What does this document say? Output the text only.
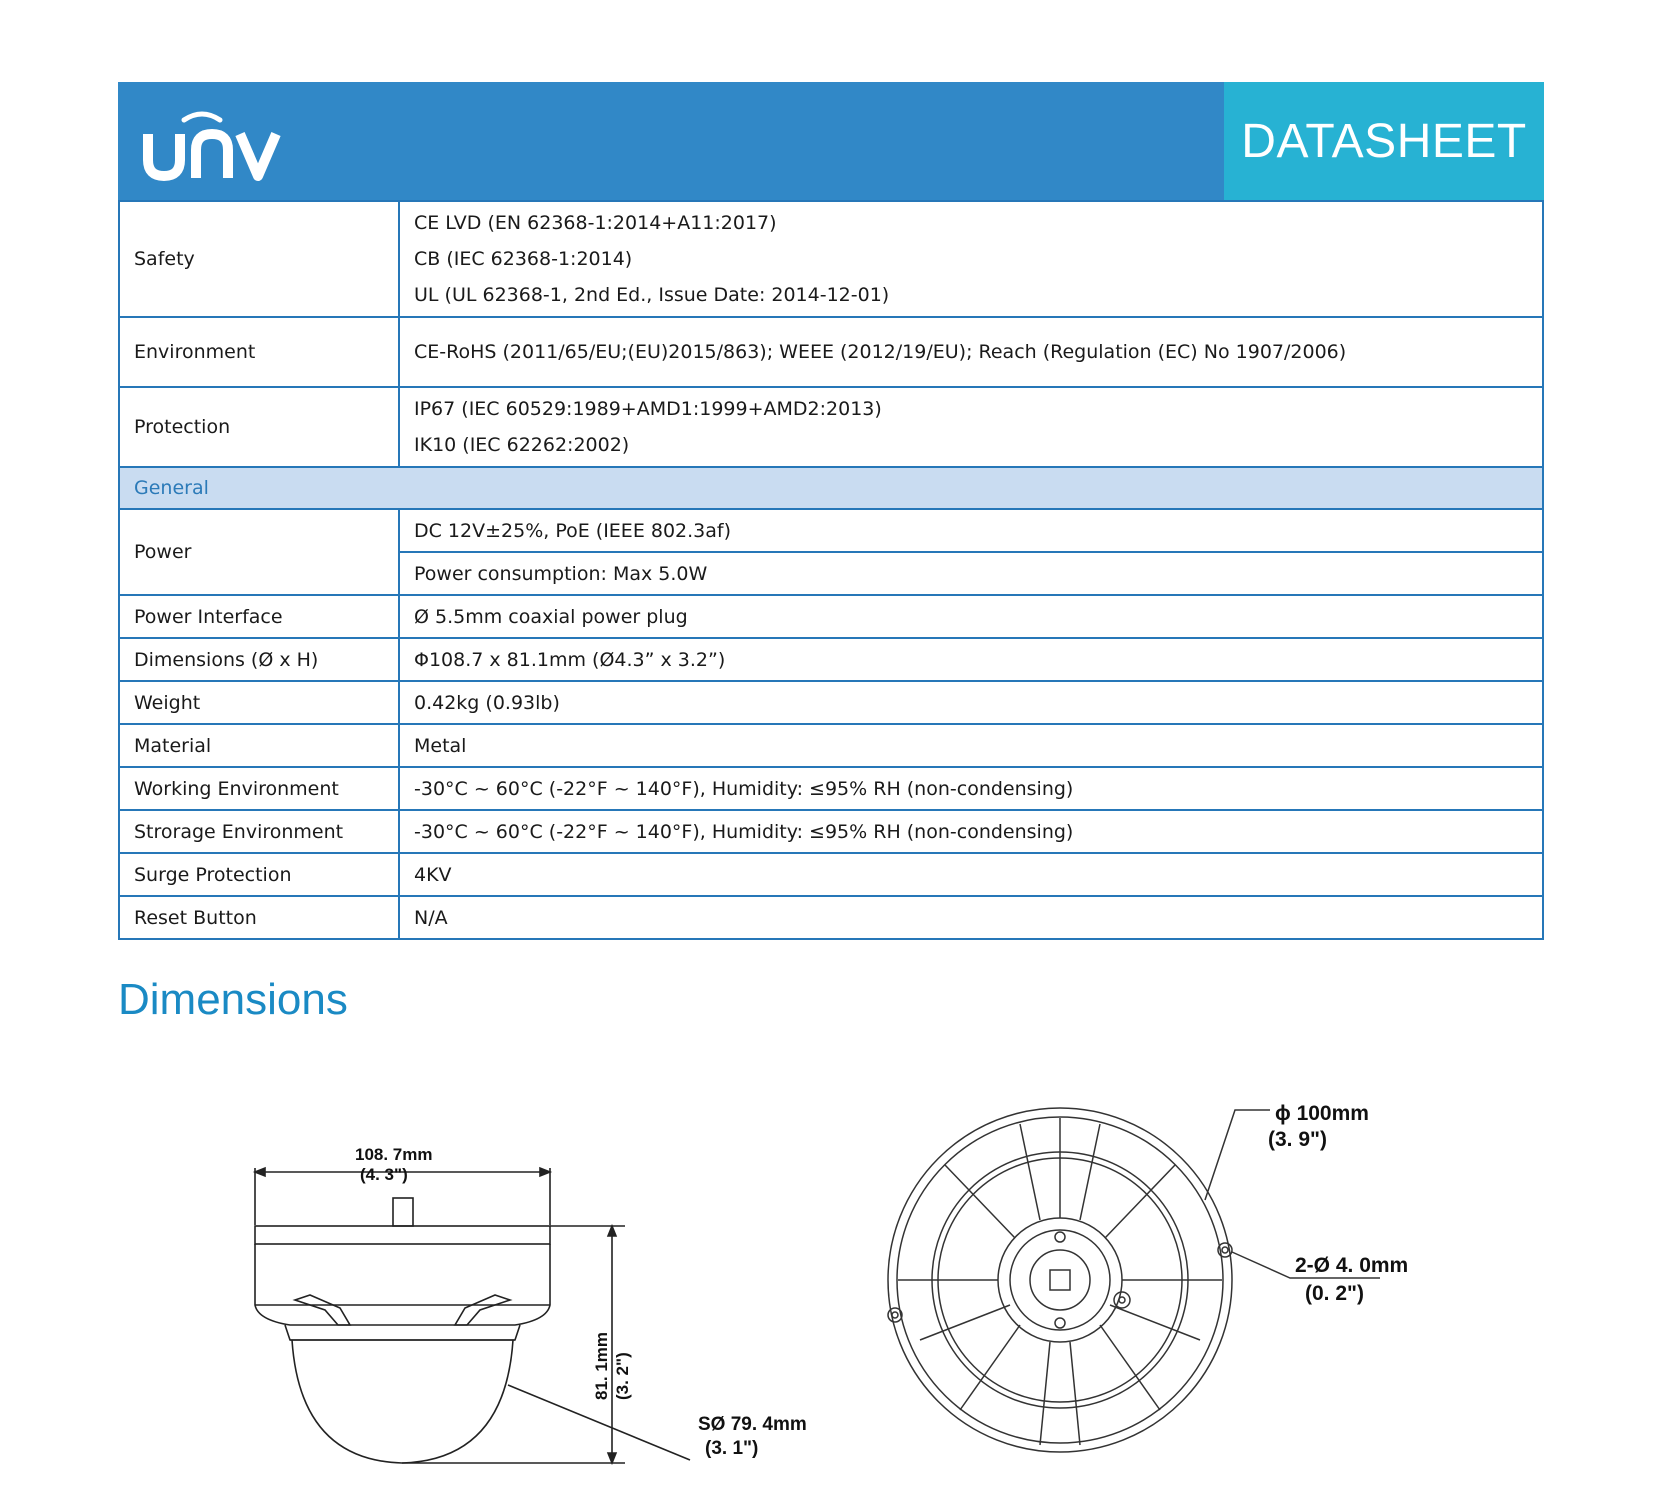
DATASHEET
Safety	CE LVD (EN 62368-1:2014+A11:2017)
CB (IEC 62368-1:2014)
UL (UL 62368-1, 2nd Ed., Issue Date: 2014-12-01)

Environment	CE-RoHS (2011/65/EU;(EU)2015/863); WEEE (2012/19/EU); Reach (Regulation (EC) No 1907/2006)
Protection	IP67 (IEC 60529:1989+AMD1:1999+AMD2:2013)
IK10 (IEC 62262:2002)

General	
Power	DC 12V±25%, PoE (IEEE 802.3af)
	Power consumption: Max 5.0W
Power Interface	Ø 5.5mm coaxial power plug
Dimensions (Ø x H)	Φ108.7 x 81.1mm (Ø4.3” x 3.2”)
Weight	0.42kg (0.93lb)
Material	Metal
Working Environment	-30°C ~ 60°C (-22°F ~ 140°F), Humidity: ≤95% RH (non-condensing)
Strorage Environment	-30°C ~ 60°C (-22°F ~ 140°F), Humidity: ≤95% RH (non-condensing)
Surge Protection	4KV
Reset Button	N/A
Dimensions
108. 7mm
(4. 3")
81. 1mm (3. 2")
SØ 79. 4mm
(3. 1")
ϕ 100mm
(3. 9")
2-Ø 4. 0mm
(0. 2")
